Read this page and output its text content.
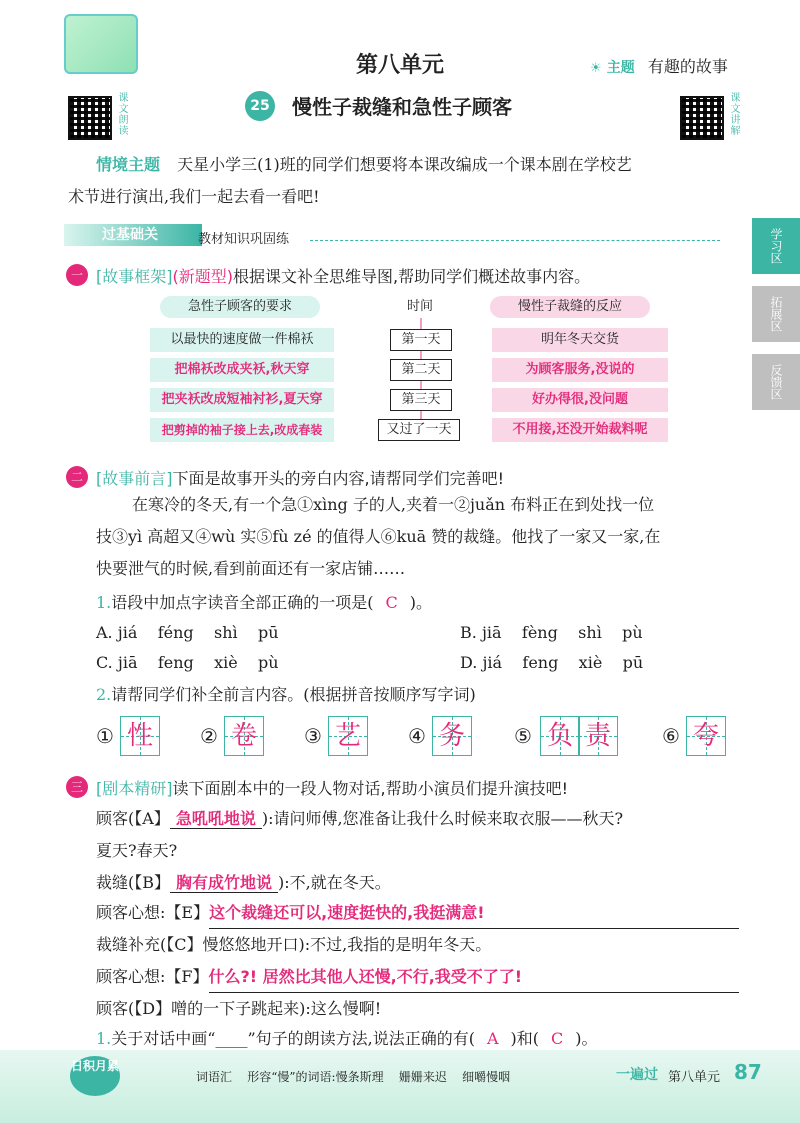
课文朗读
第八单元	☀ 主题 有趣的故事
课文讲解
25 慢性子裁缝和急性子顾客
情境主题 天星小学三(1)班的同学们想要将本课改编成一个课本剧在学校艺
术节进行演出,我们一起去看一看吧!
学习区
拓展区
反馈区
过基础关	教材知识巩固练
一 [故事框架](新题型)根据课文补全思维导图,帮助同学们概述故事内容。
急性子顾客的要求	时间	慢性子裁缝的反应
以最快的速度做一件棉袄	第一天	明年冬天交货
把棉袄改成夹袄,秋天穿	第二天	为顾客服务,没说的
把夹袄改成短袖衬衫,夏天穿	第三天	好办得很,没问题
把剪掉的袖子接上去,改成春装	又过了一天	不用接,还没开始裁料呢
二 [故事前言]下面是故事开头的旁白内容,请帮同学们完善吧!
在寒冷的冬天,有一个急①xìng 子的人,夹着一②juǎn 布料正在到处找一位
技③yì 高超又④wù 实⑤fù zé 的值得人⑥kuā 赞的裁缝。他找了一家又一家,在
快要泄气的时候,看到前面还有一家店铺……
1.语段中加点字读音全部正确的一项是( C )。
A. jiá    féng    shì    pū	B. jiā    fèng    shì    pù
C. jiā    feng    xiè    pù	D. jiá    feng    xiè    pū
2.请帮同学们补全前言内容。(根据拼音按顺序写字词)
① 性	② 卷	③ 艺	④ 务	⑤ 负 责	⑥ 夸
三 [剧本精研]读下面剧本中的一段人物对话,帮助小演员们提升演技吧!
顾客(【A】 急吼吼地说 ):请问师傅,您准备让我什么时候来取衣服——秋天?
夏天?春天?
裁缝(【B】 胸有成竹地说 ):不,就在冬天。
顾客心想:【E】这个裁缝还可以,速度挺快的,我挺满意!
裁缝补充(【C】慢悠悠地开口):不过,我指的是明年冬天。
顾客心想:【F】什么?! 居然比其他人还慢,不行,我受不了了!
顾客(【D】噌的一下子跳起来):这么慢啊!
1.关于对话中画“____”句子的朗读方法,说法正确的有( A )和( C )。
日积月累
词语汇    形容“慢”的词语:慢条斯理    姗姗来迟    细嚼慢咽	一遍过 第八单元 87
